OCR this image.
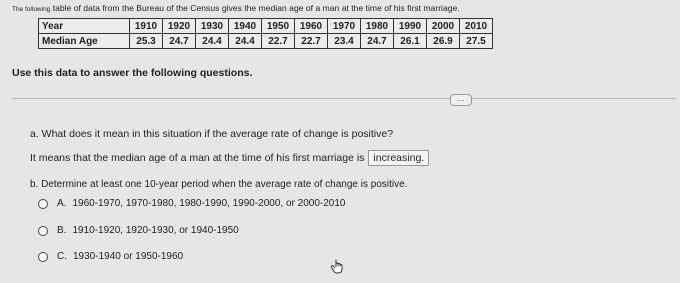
The following table of data from the Bureau of the Census gives the median age of a man at the time of his first marriage.
Year	1910	1920	1930	1940	1950	1960	1970	1980	1990	2000	2010
Median Age	25.3	24.7	24.4	24.4	22.7	22.7	23.4	24.7	26.1	26.9	27.5
Use this data to answer the following questions.
...
a. What does it mean in this situation if the average rate of change is positive?
It means that the median age of a man at the time of his first marriage is increasing.
b. Determine at least one 10-year period when the average rate of change is positive.
A. 1960-1970, 1970-1980, 1980-1990, 1990-2000, or 2000-2010
B. 1910-1920, 1920-1930, or 1940-1950
C. 1930-1940 or 1950-1960
